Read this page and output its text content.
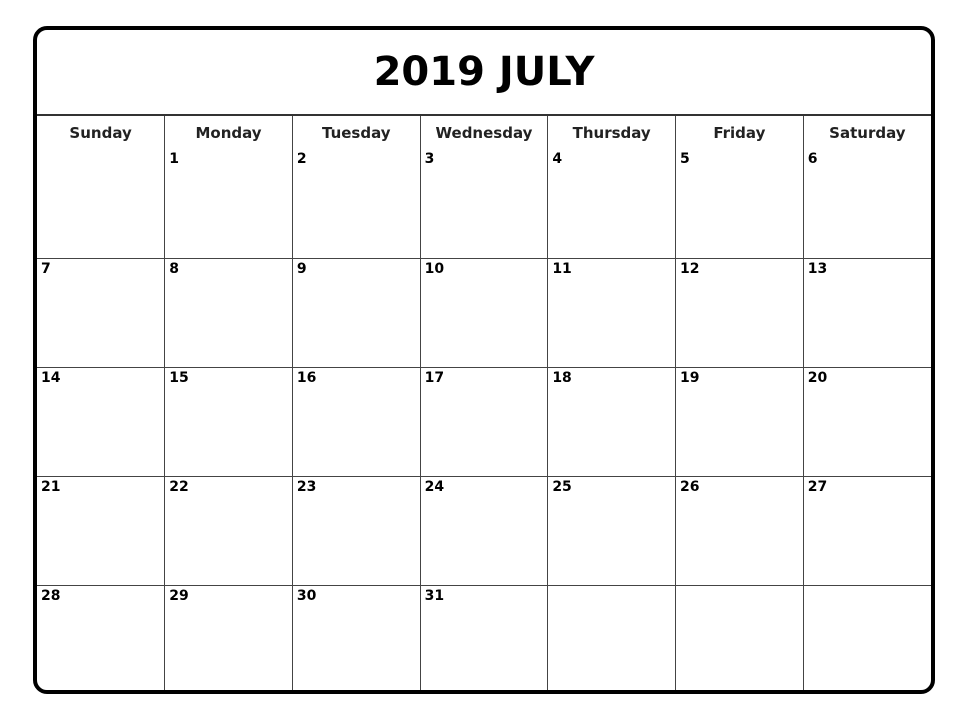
2019 JULY
Sunday	Monday	Tuesday	Wednesday	Thursday	Friday	Saturday

	1	2	3	4	5	6

7	8	9	10	11	12	13

14	15	16	17	18	19	20

21	22	23	24	25	26	27

28	29	30	31			
